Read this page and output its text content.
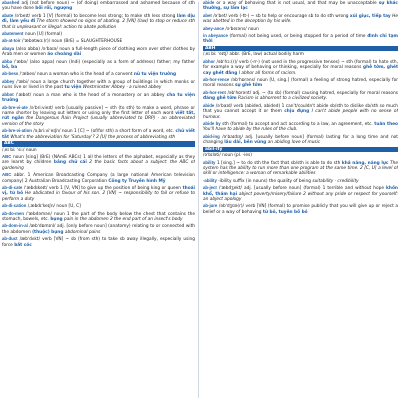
abashed adj (not before noun) ~ (of doing) embarrassed and ashamed because of sth you have done bối rối, ngượng
abate /əˈbeɪt/ verb 1 [V] (formal) to become less strong; to make sth less strong làm dịu đi, làm yếu đi The storm showed no signs of abating. 2 [VN] (law) to stop or reduce sth that is unpleasant or illegal: action to abate pollution
abatement noun [U] (formal)
ab-at-toir /ˈæbətwɑː(r)/ noun (BrE) = SLAUGHTERHOUSE
abaya (also abba) /əˈbaɪə/ noun a full-length piece of clothing worn over other clothes by Arab men or women áo choàng dài
abba /ˈæbə/ (also appa) noun (Indi) (especially as a form of address) father; my father bố, ba
ab-bess /ˈæbes/ noun a woman who is the head of a convent nữ tu viện trưởng
abbey /ˈæbi/ noun a large church together with a group of buildings in which monks or nuns live or lived in the past tu viện Westminster Abbey · a ruined abbey
abbot /ˈæbət/ noun a man who is the head of a monastery or an abbey cha tu viện trưởng
ab-bre-vi-ate /əˈbriːvieɪt/ verb [usually passive] ~ sth (to sth) to make a word, phrase or name shorter by leaving out letters or using only the first letter of each word viết tắt, rút ngắn the Dangerous Rain Project (usually abbreviated to DRP) · an abbreviated version of the story
ab-bre-vi-ation /əˌbriːviˈeɪʃn/ noun 1 [C] ~ (of/for sth) a short form of a word, etc. chữ viết tắt What's the abbreviation for 'Saturday'? 2 [U] the process of abbreviating sth
ABC
/ˌeɪ biː ˈsiː/ noun
ABC noun [sing] (BrE) (NAmE ABCs) 1 all the letters of the alphabet, especially as they are learnt by children bảng chữ cái 2 the basic facts about a subject: the ABC of gardening
ABC abbr. 1 American Broadcasting Company (a large national American television company) 2 Australian Broadcasting Corporation Công ty Truyền hình Mỹ
ab-di-cate /ˈæbdɪkeɪt/ verb 1 [V, VN] to give up the position of being king or queen thoái vị, từ bỏ He abdicated in favour of his son. 2 [VN] ~ responsibility to fail or refuse to perform a duty
ab-di-cation /ˌæbdɪˈkeɪʃn/ noun [U, C]
ab-do-men /ˈæbdəmən/ noun 1 the part of the body below the chest that contains the stomach, bowels, etc. bụng pain in the abdomen 2 the end part of an insect's body
ab-dom-in-al /æbˈdɒmɪnl/ adj. [only before noun] (anatomy) relating to or connected with the abdomen (thuộc) bụng abdominal pains
ab-duct /æbˈdʌkt/ verb [VN] ~ sb (from sth) to take sb away illegally, especially using force bắt cóc
abide or a way of behaving that is not usual, and that may be unacceptable sự khác thường, sự lầm lạc
abet /əˈbet/ verb (-tt-) ~ sb to help or encourage sb to do sth wrong xúi giục, tiếp tay He was abetted in the deception by his wife.
abey-ance /əˈbeɪəns/ noun
in abeyance (formal) not being used, or being stopped for a period of time đình chỉ tạm thời
ABH
/ˌeɪ biː ˈeɪtʃ/ abbr. (BrE, law) actual bodily harm
abhor /əbˈhɔː(r)/ verb (-rr-) (not used in the progressive tenses) ~ sth (formal) to hate sth, for example a way of behaving or thinking, especially for moral reasons ghê tởm, ghét cay ghét đắng I abhor all forms of racism.
ab-hor-rence /əbˈhɒrəns/ noun [U, sing.] (formal) a feeling of strong hatred, especially for moral reasons sự ghê tởm
ab-hor-rent /əbˈhɒrənt/ adj. ~ (to sb) (formal) causing hatred, especially for moral reasons đáng ghê tởm Racism is abhorrent to a civilized society.
abide /əˈbaɪd/ verb (abided, abided) 1 can't/couldn't abide sb/sth to dislike sb/sth so much that you cannot accept it or them chịu đựng I can't abide people with no sense of humour.
abide by sth (formal) to accept and act according to a law, an agreement, etc. tuân theo You'll have to abide by the rules of the club.
abid-ing /əˈbaɪdɪŋ/ adj. [usually before noun] (formal) lasting for a long time and not changing lâu dài, bền vững an abiding love of music
abil-ity
/əˈbɪləti/ noun (pl. -ies)
ability 1 [sing.] ~ to do sth the fact that sb/sth is able to do sth khả năng, năng lực The system has the ability to run more than one program at the same time. 2 [C, U] a level of skill or intelligence: a woman of remarkable abilities
-ability -ibility suffix (in nouns) the quality of being suitability · credibility
ab-ject /ˈæbdʒekt/ adj. [usually before noun] (formal) 1 terrible and without hope khốn khổ, thảm hại abject poverty/misery/failure 2 without any pride or respect for yourself: an abject apology
ab-jure /əbˈdʒʊə(r)/ verb [VN] (formal) to promise publicly that you will give up or reject a belief or a way of behaving từ bỏ, tuyên bố bỏ
